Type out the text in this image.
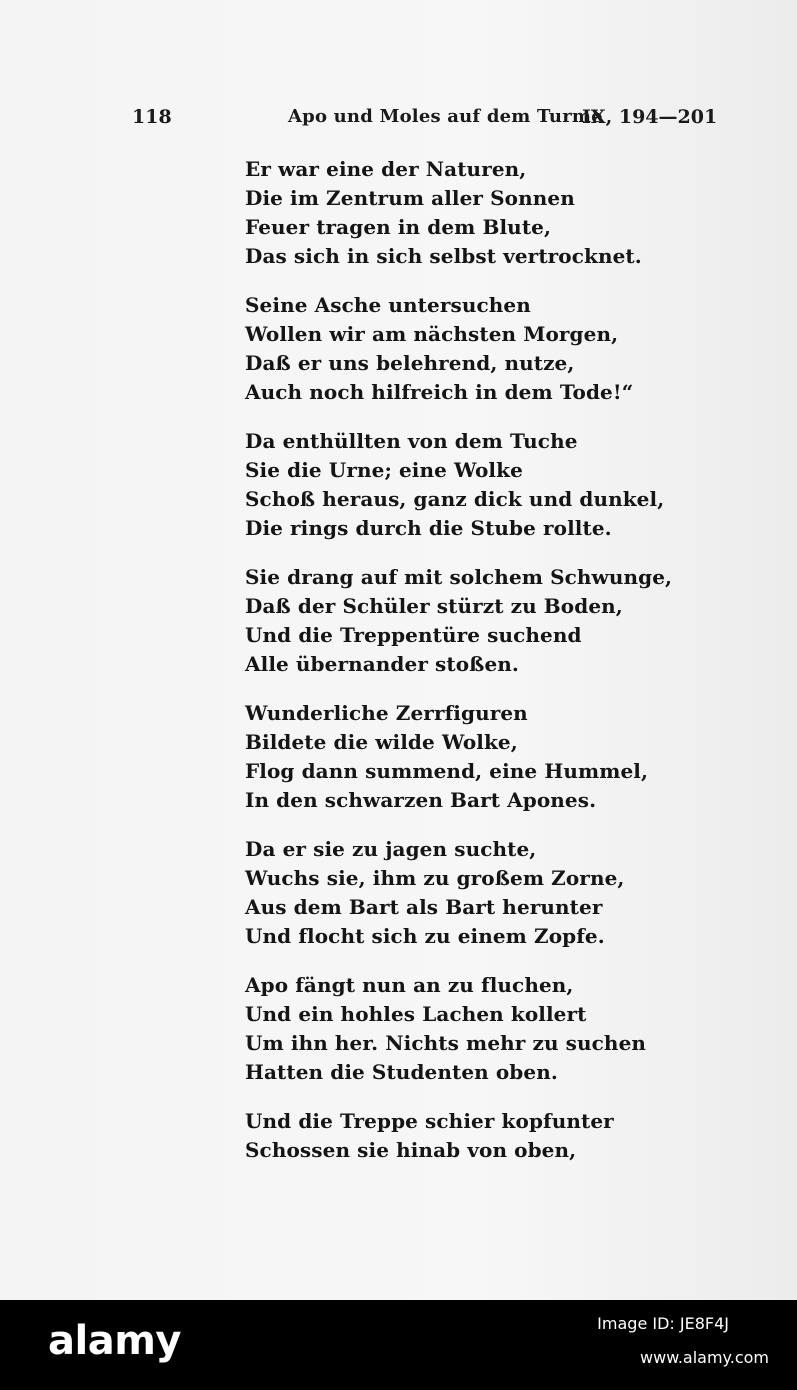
118	Apo und Moles auf dem Turme
IX, 194—201
Er war eine der Naturen,
Die im Zentrum aller Sonnen
Feuer tragen in dem Blute,
Das sich in sich selbst vertrocknet.
Seine Asche untersuchen
Wollen wir am nächsten Morgen,
Daß er uns belehrend, nutze,
Auch noch hilfreich in dem Tode!“
Da enthüllten von dem Tuche
Sie die Urne; eine Wolke
Schoß heraus, ganz dick und dunkel,
Die rings durch die Stube rollte.
Sie drang auf mit solchem Schwunge,
Daß der Schüler stürzt zu Boden,
Und die Treppentüre suchend
Alle übernander stoßen.
Wunderliche Zerrfiguren
Bildete die wilde Wolke,
Flog dann summend, eine Hummel,
In den schwarzen Bart Apones.
Da er sie zu jagen suchte,
Wuchs sie, ihm zu großem Zorne,
Aus dem Bart als Bart herunter
Und flocht sich zu einem Zopfe.
Apo fängt nun an zu fluchen,
Und ein hohles Lachen kollert
Um ihn her. Nichts mehr zu suchen
Hatten die Studenten oben.
Und die Treppe schier kopfunter
Schossen sie hinab von oben,
alamy	Image ID: JE8F4J
www.alamy.com
